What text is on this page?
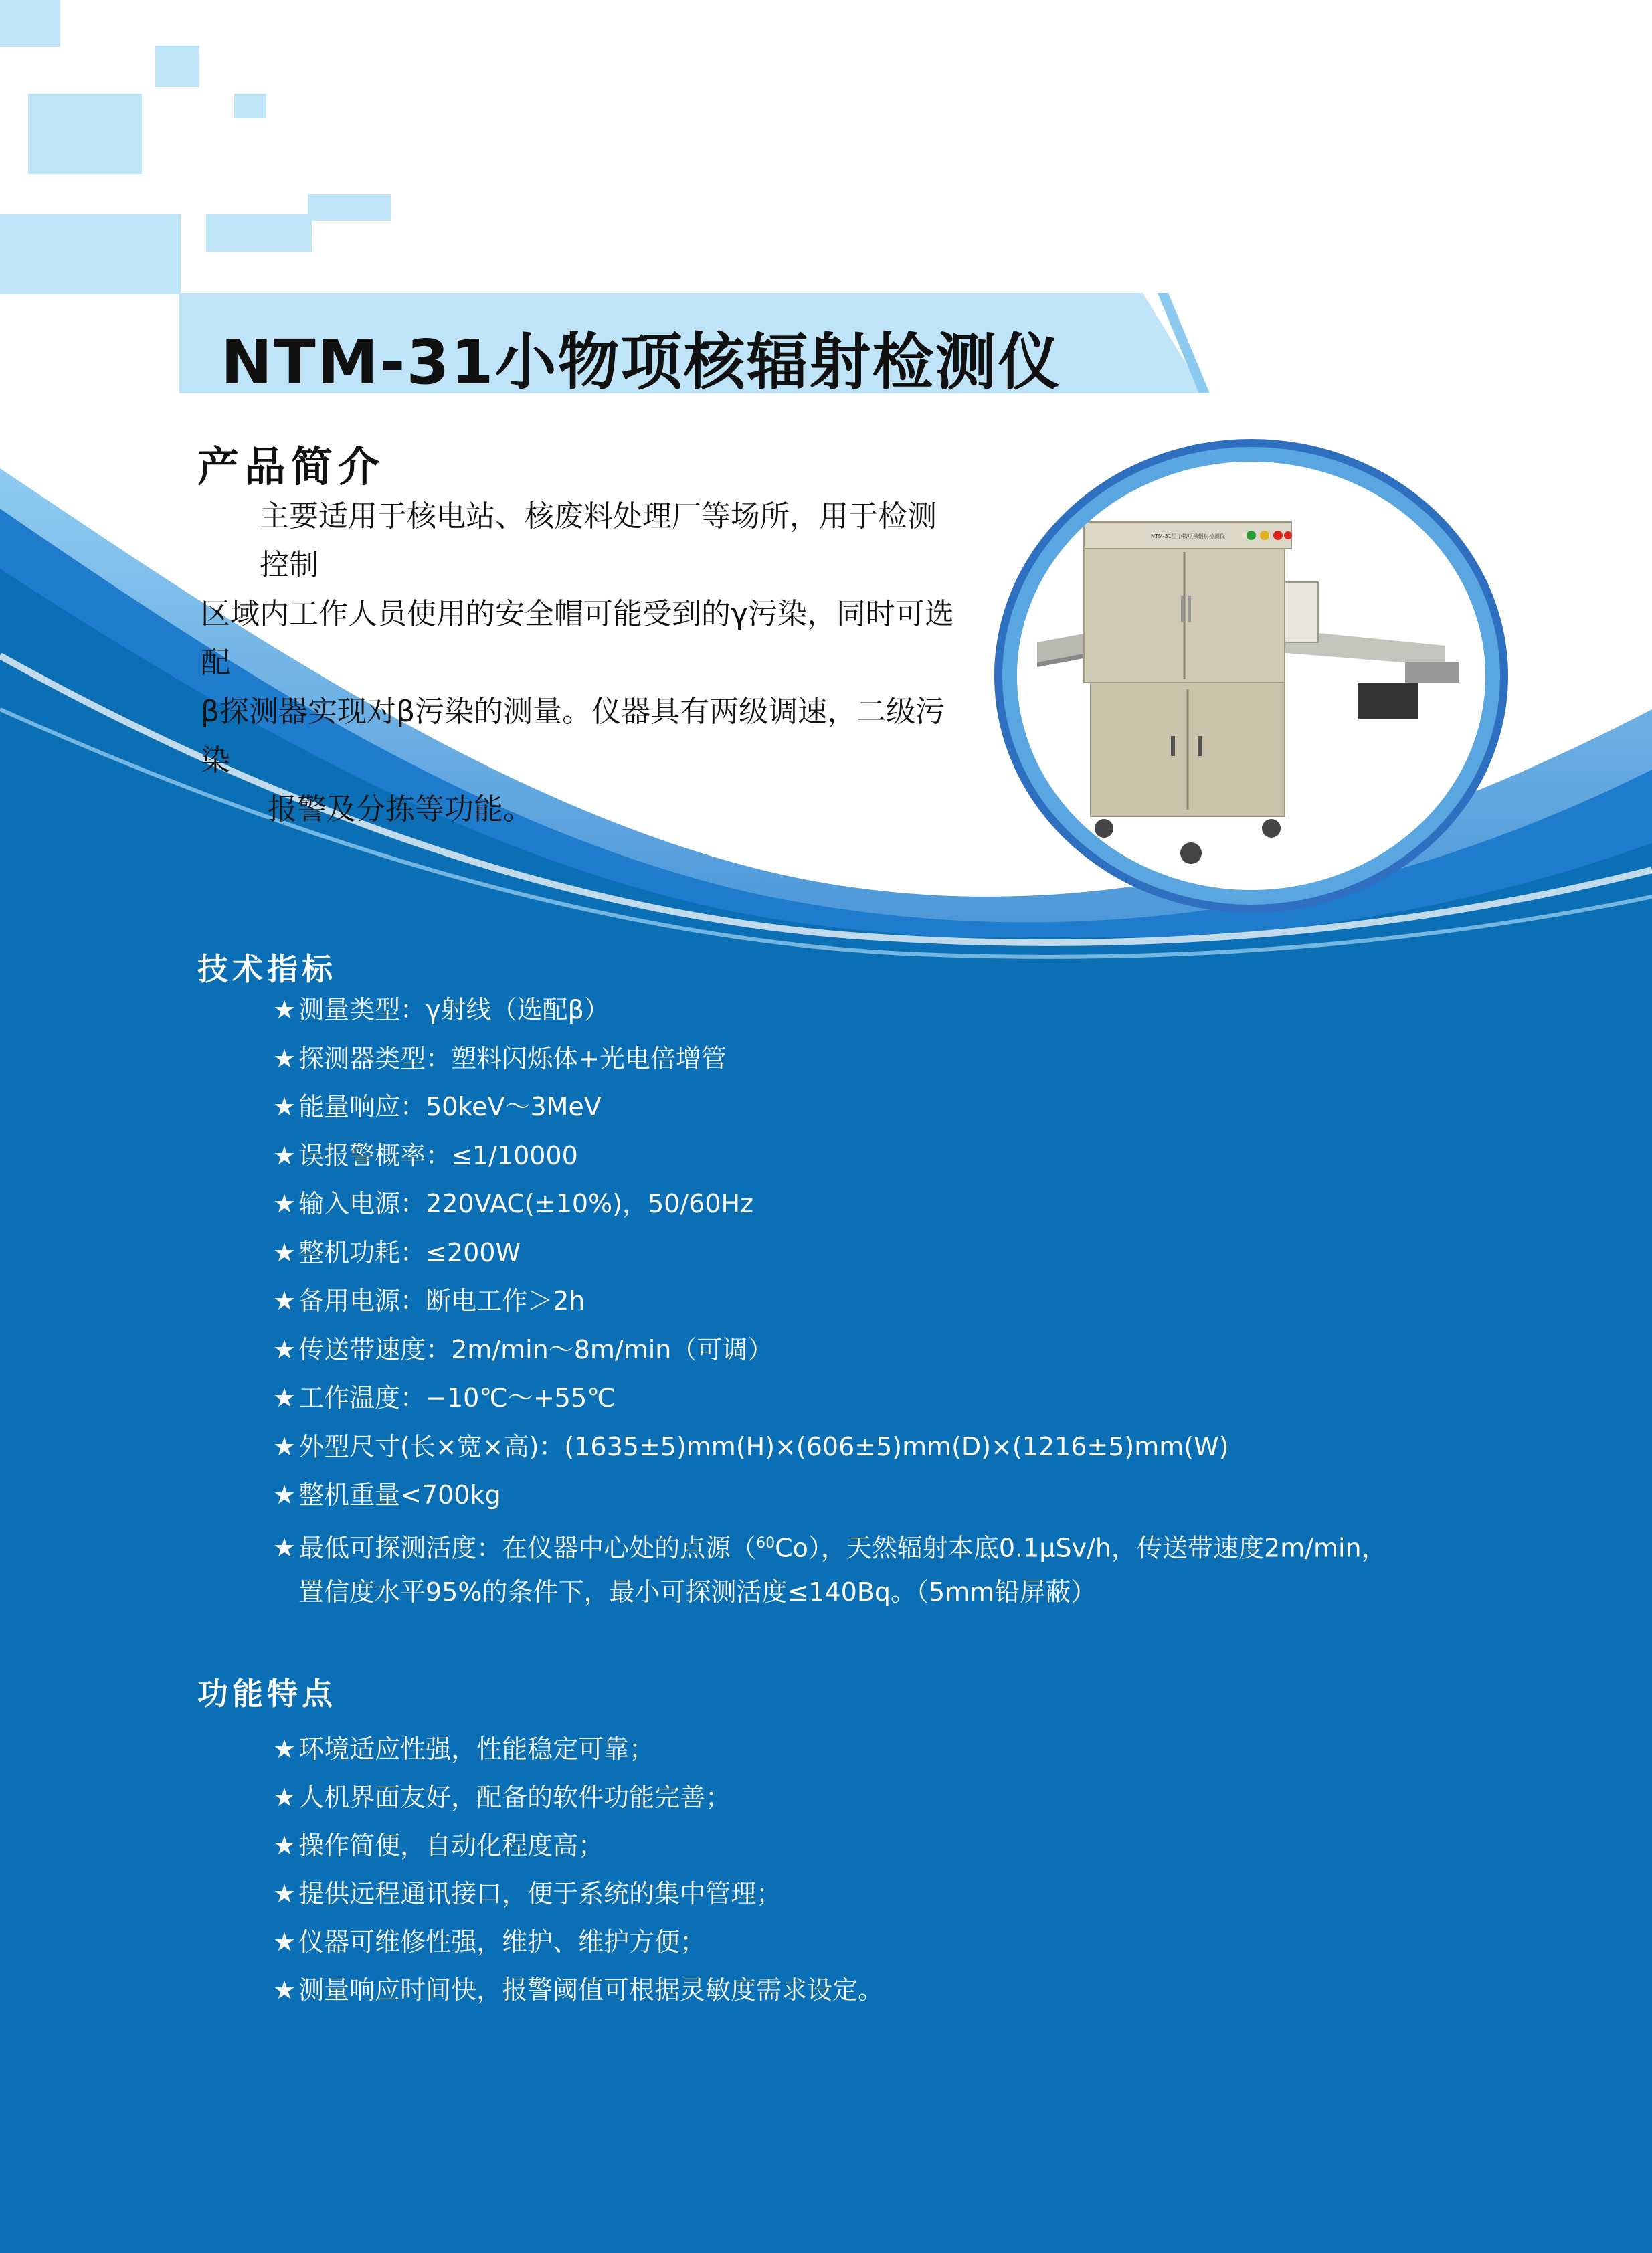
NTM-31小物项核辐射检测仪
产品简介

主要适用于核电站、核废料处理厂等场所，用于检测控制

区域内工作人员使用的安全帽可能受到的γ污染，同时可选配

β探测器实现对β污染的测量。仪器具有两级调速，二级污染

报警及分拣等功能。

NTM-31型小物项核辐射检测仪
技术指标
★ 测量类型：γ射线（选配β）
★ 探测器类型：塑料闪烁体+光电倍增管
★ 能量响应：50keV～3MeV
★ 误报警概率：≤1/10000
★ 输入电源：220VAC(±10%)，50/60Hz
★ 整机功耗：≤200W
★ 备用电源：断电工作＞2h
★ 传送带速度：2m/min～8m/min（可调）
★ 工作温度：−10℃～+55℃
★ 外型尺寸(长×宽×高)：(1635±5)mm(H)×(606±5)mm(D)×(1216±5)mm(W)
★ 整机重量<700kg
★ 最低可探测活度：在仪器中心处的点源（$^{60}$Co），天然辐射本底0.1μSv/h，传送带速度2m/min，
置信度水平95%的条件下，最小可探测活度≤140Bq。（5mm铅屏蔽）
功能特点
★ 环境适应性强，性能稳定可靠；
★ 人机界面友好，配备的软件功能完善；
★ 操作简便，自动化程度高；
★ 提供远程通讯接口，便于系统的集中管理；
★ 仪器可维修性强，维护、维护方便；
★ 测量响应时间快，报警阈值可根据灵敏度需求设定。
